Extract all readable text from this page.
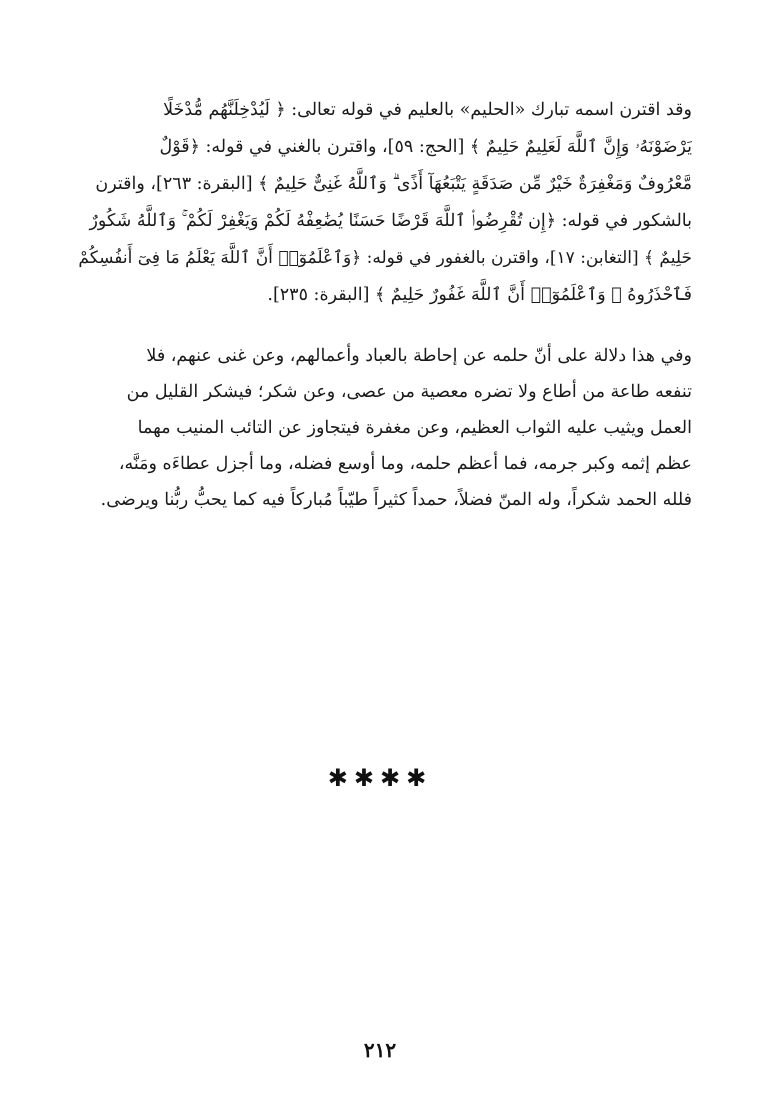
وقد اقترن اسمه تبارك «الحليم» بالعليم في قوله تعالى: ﴿ لَيُدْخِلَنَّهُم مُّدْخَلًا
يَرْضَوْنَهُۥ وَإِنَّ ٱللَّهَ لَعَلِيمٌ حَلِيمٌ ﴾ [الحج: ٥٩]، واقترن بالغني في قوله: ﴿قَوْلٌ
مَّعْرُوفٌ وَمَغْفِرَةٌ خَيْرٌ مِّن صَدَقَةٍ يَتْبَعُهَآ أَذًى ۗ وَٱللَّهُ غَنِىٌّ حَلِيمٌ ﴾ [البقرة: ٢٦٣]، واقترن
بالشكور في قوله: ﴿إِن تُقْرِضُوا۟ ٱللَّهَ قَرْضًا حَسَنًا يُضَٰعِفْهُ لَكُمْ وَيَغْفِرْ لَكُمْ ۚ وَٱللَّهُ شَكُورٌ
حَلِيمٌ ﴾ [التغابن: ١٧]، واقترن بالغفور في قوله: ﴿وَٱعْلَمُوٓا۟ أَنَّ ٱللَّهَ يَعْلَمُ مَا فِىٓ أَنفُسِكُمْ
فَٱحْذَرُوهُ ۚ وَٱعْلَمُوٓا۟ أَنَّ ٱللَّهَ غَفُورٌ حَلِيمٌ ﴾ [البقرة: ٢٣٥].
وفي هذا دلالة على أنّ حلمه عن إحاطة بالعباد وأعمالهم، وعن غنى عنهم، فلا
تنفعه طاعة من أطاع ولا تضره معصية من عصى، وعن شكر؛ فيشكر القليل من
العمل ويثيب عليه الثواب العظيم، وعن مغفرة فيتجاوز عن التائب المنيب مهما
عظم إثمه وكبر جرمه، فما أعظم حلمه، وما أوسع فضله، وما أجزل عطاءَه ومَنَّه،
فلله الحمد شكراً، وله المنّ فضلاً، حمداً كثيراً طيّباً مُباركاً فيه كما يحبُّ ربُّنا ويرضى.
✱✱✱✱
٢١٢
